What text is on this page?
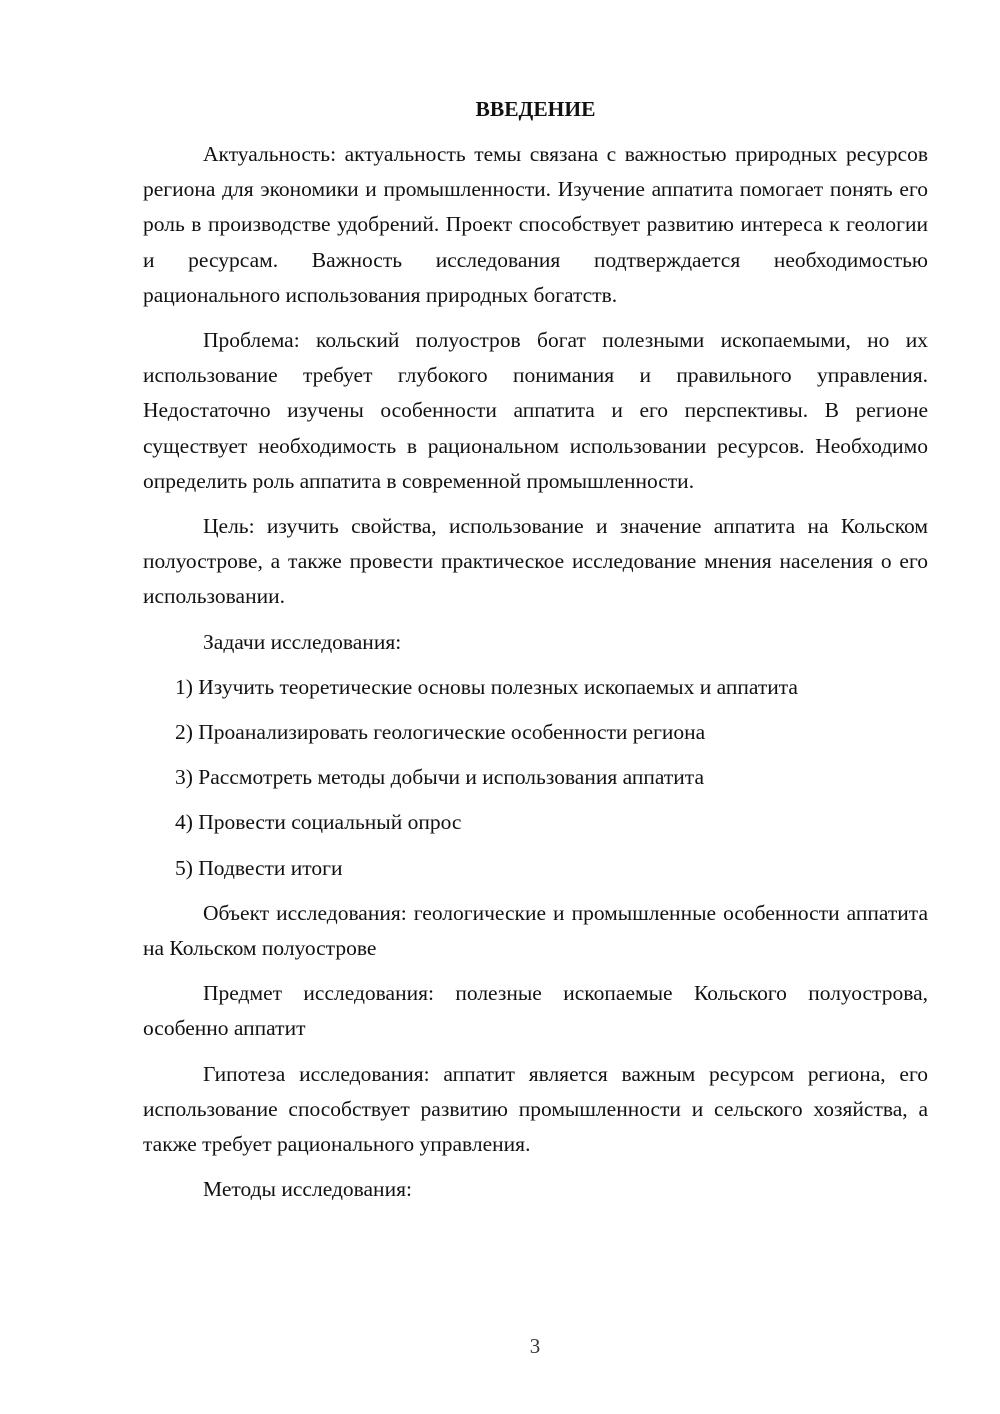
ВВЕДЕНИЕ

Актуальность: актуальность темы связана с важностью природных ресурсов региона для экономики и промышленности. Изучение аппатита помогает понять его роль в производстве удобрений. Проект способствует развитию интереса к геологии и ресурсам. Важность исследования подтверждается необходимостью рационального использования природных богатств.

Проблема: кольский полуостров богат полезными ископаемыми, но их использование требует глубокого понимания и правильного управления. Недостаточно изучены особенности аппатита и его перспективы. В регионе существует необходимость в рациональном использовании ресурсов. Необходимо определить роль аппатита в современной промышленности.

Цель: изучить свойства, использование и значение аппатита на Кольском полуострове, а также провести практическое исследование мнения населения о его использовании.

Задачи исследования:

1) Изучить теоретические основы полезных ископаемых и аппатита

2) Проанализировать геологические особенности региона

3) Рассмотреть методы добычи и использования аппатита

4) Провести социальный опрос

5) Подвести итоги

Объект исследования: геологические и промышленные особенности аппатита на Кольском полуострове

Предмет исследования: полезные ископаемые Кольского полуострова, особенно аппатит

Гипотеза исследования: аппатит является важным ресурсом региона, его использование способствует развитию промышленности и сельского хозяйства, а также требует рационального управления.

Методы исследования:

3
